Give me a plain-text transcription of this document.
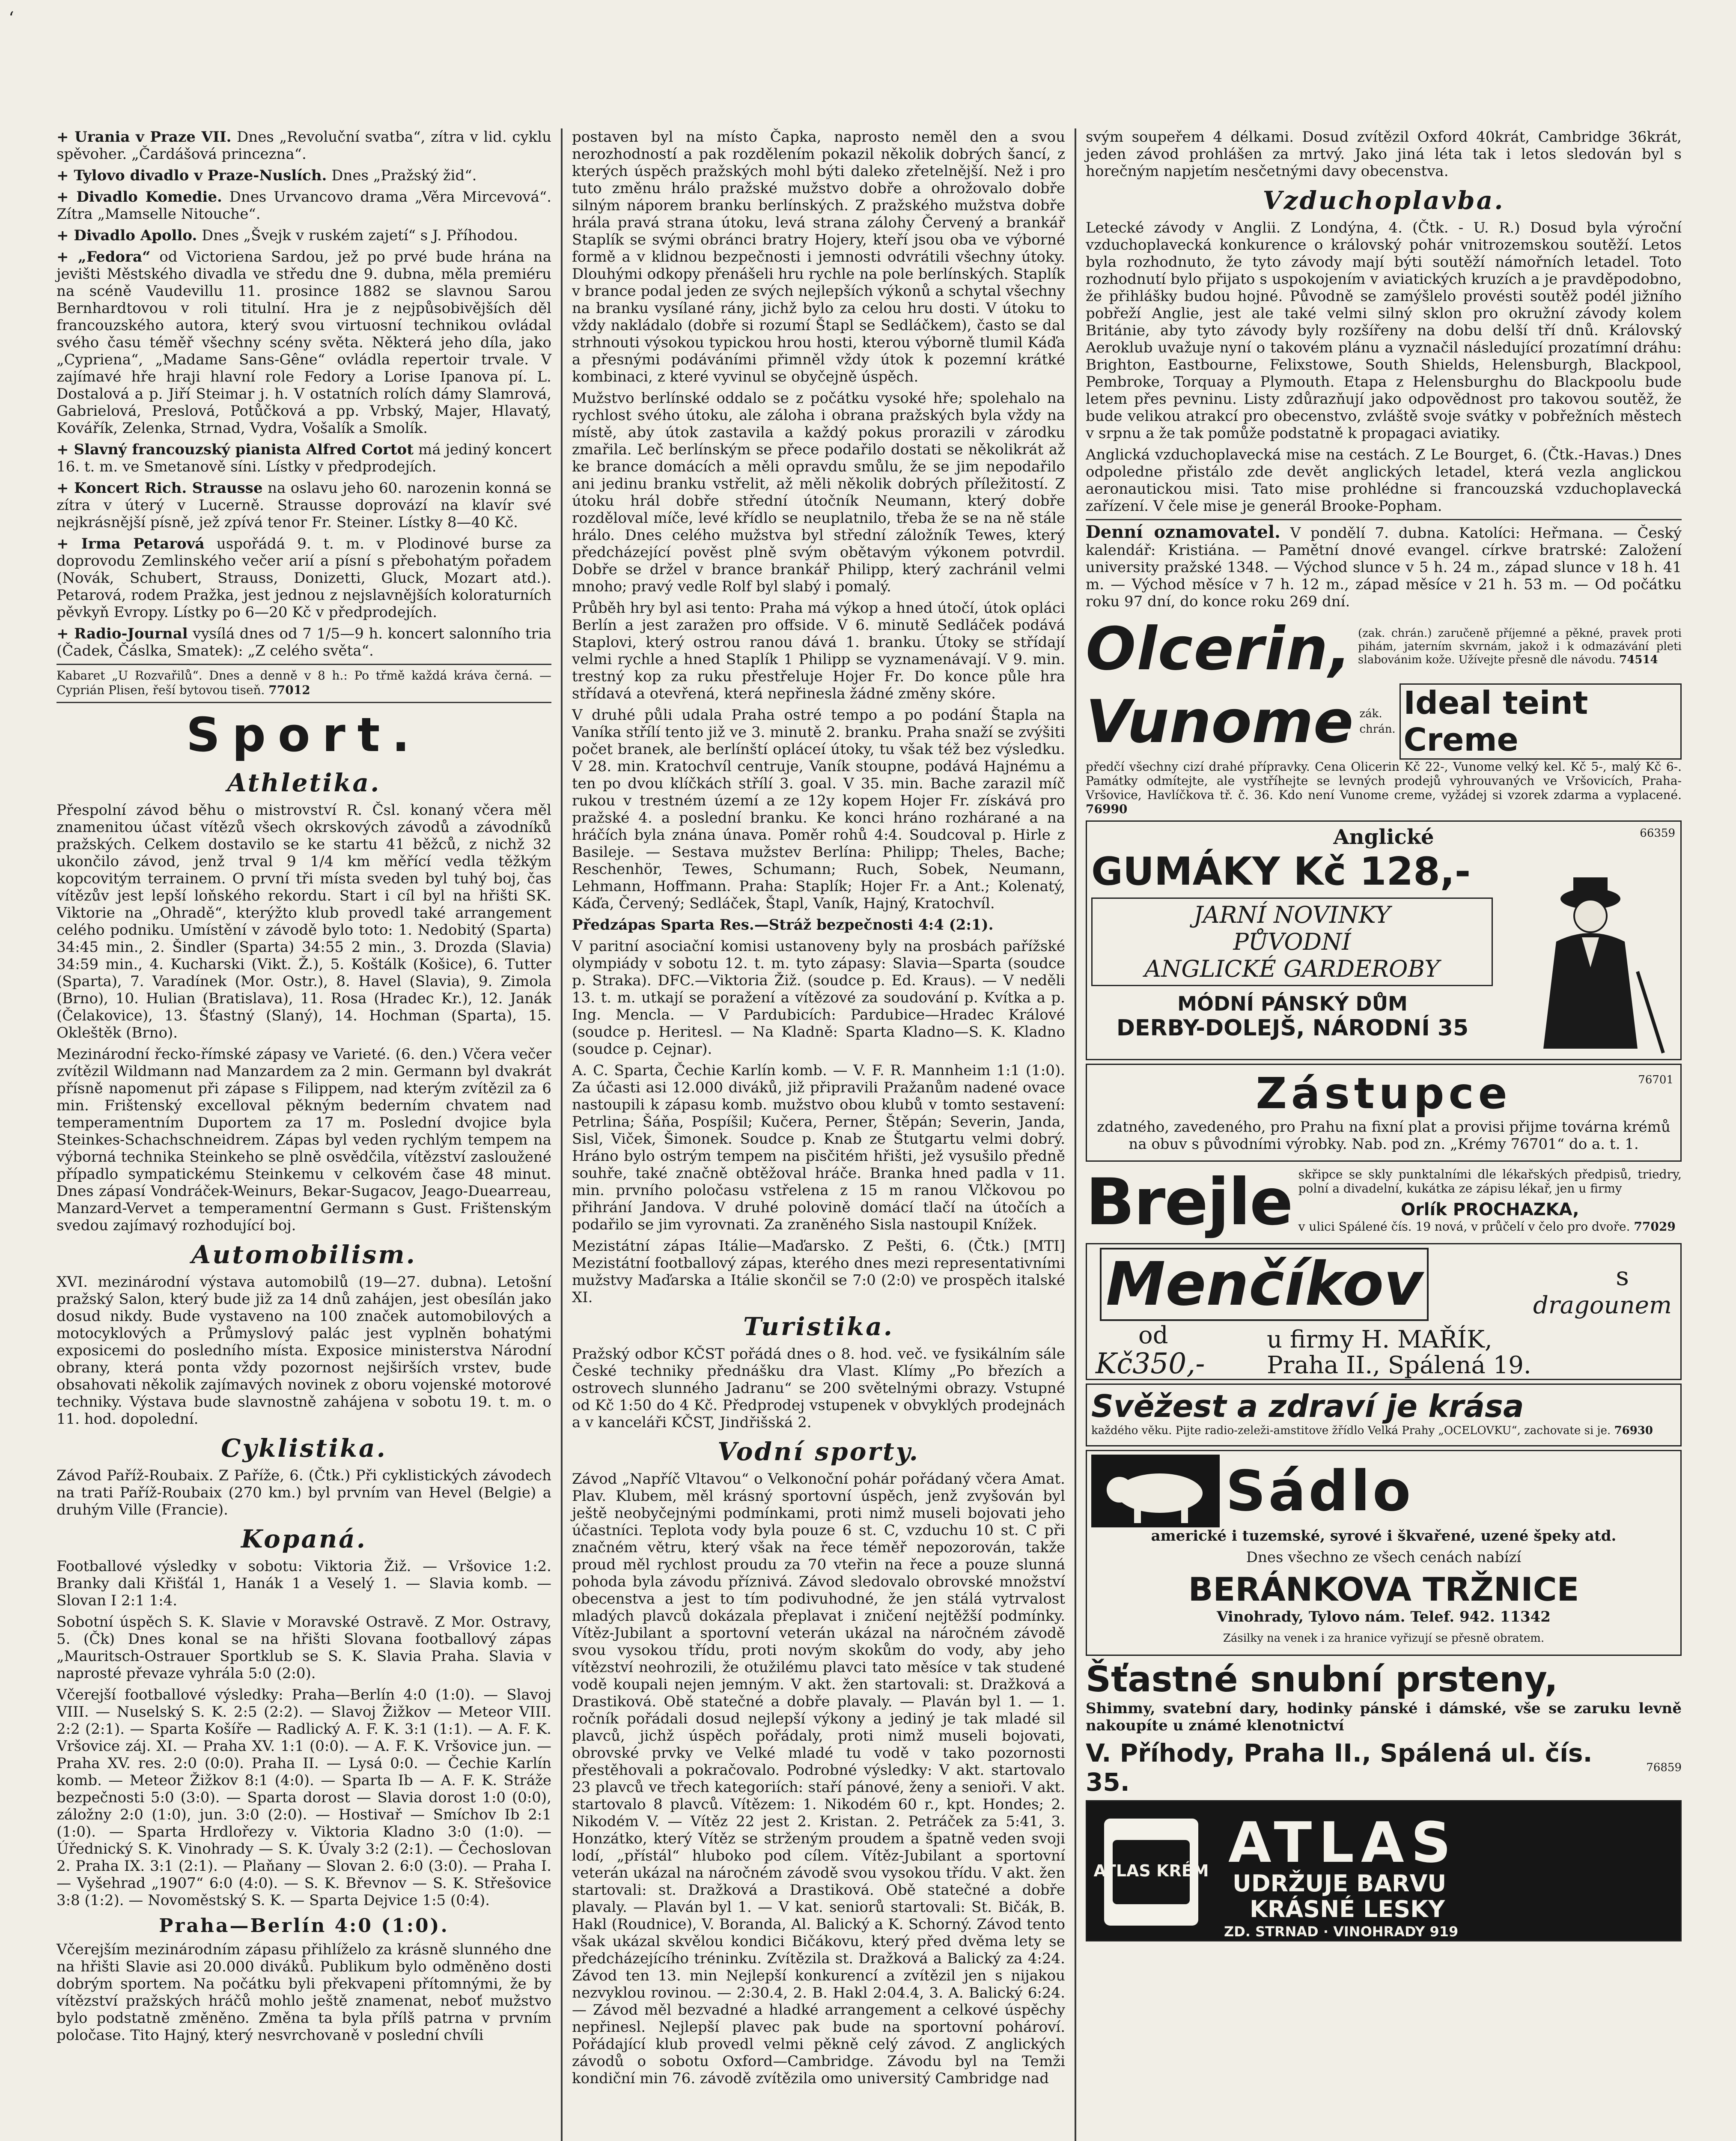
‘

+ Urania v Praze VII. Dnes „Revoluční svatba“, zítra v lid. cyklu spěvoher. „Čardášová princezna“.

+ Tylovo divadlo v Praze-Nuslích. Dnes „Pražský žid“.

+ Divadlo Komedie. Dnes Urvancovo drama „Věra Mircevová“. Zítra „Mamselle Nitouche“.

+ Divadlo Apollo. Dnes „Švejk v ruském zajetí“ s J. Příhodou.

+ „Fedora“ od Victoriena Sardou, jež po prvé bude hrána na jevišti Městského divadla ve středu dne 9. dubna, měla premiéru na scéně Vaudevillu 11. prosince 1882 se slavnou Sarou Bernhardtovou v roli titulní. Hra je z nejpůsobivějších děl francouzského autora, který svou virtuosní technikou ovládal svého času téměř všechny scény světa. Některá jeho díla, jako „Cypriena“, „Madame Sans-Gêne“ ovládla repertoir trvale. V zajímavé hře hraji hlavní role Fedory a Lorise Ipanova pí. L. Dostalová a p. Jiří Steimar j. h. V ostatních rolích dámy Slamrová, Gabrielová, Preslová, Potůčková a pp. Vrbský, Majer, Hlavatý, Kovářík, Zelenka, Strnad, Vydra, Vošalík a Smolík.

+ Slavný francouzský pianista Alfred Cortot má jediný koncert 16. t. m. ve Smetanově síni. Lístky v předprodejích.

+ Koncert Rich. Strausse na oslavu jeho 60. narozenin konná se zítra v úterý v Lucerně. Strausse doprovází na klavír své nejkrásnější písně, jež zpívá tenor Fr. Steiner. Lístky 8—40 Kč.

+ Irma Petarová uspořádá 9. t. m. v Plodinové burse za doprovodu Zemlinského večer arií a písní s přebohatým pořadem (Novák, Schubert, Strauss, Donizetti, Gluck, Mozart atd.). Petarová, rodem Pražka, jest jednou z nejslavnějších koloraturních pěvkyň Evropy. Lístky po 6—20 Kč v předprodejích.

+ Radio-Journal vysílá dnes od 7 1/5—9 h. koncert salonního tria (Čadek, Čáslka, Smatek): „Z celého světa“.

Kabaret „U Rozvařilů“. Dnes a denně v 8 h.: Po třmě každá kráva černá. — Cyprián Plisen, řeší bytovou tiseň. 77012

Sport.
Athletika.

Přespolní závod běhu o mistrovství R. Čsl. konaný včera měl znamenitou účast vítězů všech okrskových závodů a závodníků pražských. Celkem dostavilo se ke startu 41 běžců, z nichž 32 ukončilo závod, jenž trval 9 1/4 km měřící vedla těžkým kopcovitým terrainem. O první tři místa sveden byl tuhý boj, čas vítězův jest lepší loňského rekordu. Start i cíl byl na hřišti SK. Viktorie na „Ohradě“, kterýžto klub provedl také arrangement celého podniku. Umístění v závodě bylo toto: 1. Nedobitý (Sparta) 34:45 min., 2. Šindler (Sparta) 34:55 2 min., 3. Drozda (Slavia) 34:59 min., 4. Kucharski (Vikt. Ž.), 5. Koštálk (Košice), 6. Tutter (Sparta), 7. Varadínek (Mor. Ostr.), 8. Havel (Slavia), 9. Zimola (Brno), 10. Hulian (Bratislava), 11. Rosa (Hradec Kr.), 12. Janák (Čelakovice), 13. Šťastný (Slaný), 14. Hochman (Sparta), 15. Okleštěk (Brno).

Mezinárodní řecko-římské zápasy ve Varieté. (6. den.) Včera večer zvítězil Wildmann nad Manzardem za 2 min. Germann byl dvakrát přísně napomenut při zápase s Filippem, nad kterým zvítězil za 6 min. Frištenský excelloval pěkným bederním chvatem nad temperamentním Duportem za 17 m. Poslední dvojice byla Steinkes-Schachschneidrem. Zápas byl veden rychlým tempem na výborná technika Steinkeho se plně osvědčila, vítězství zasloužené případlo sympatickému Steinkemu v celkovém čase 48 minut. Dnes zápasí Vondráček-Weinurs, Bekar-Sugacov, Jeago-Duearreau, Manzard-Vervet a temperamentní Germann s Gust. Frištenským svedou zajímavý rozhodující boj.

Automobilism.

XVI. mezinárodní výstava automobilů (19—27. dubna). Letošní pražský Salon, který bude již za 14 dnů zahájen, jest obesílán jako dosud nikdy. Bude vystaveno na 100 značek automobilových a motocyklových a Průmyslový palác jest vyplněn bohatými exposicemi do posledního místa. Exposice ministerstva Národní obrany, která ponta vždy pozornost nejširších vrstev, bude obsahovati několik zajímavých novinek z oboru vojenské motorové techniky. Výstava bude slavnostně zahájena v sobotu 19. t. m. o 11. hod. dopolední.

Cyklistika.

Závod Paříž-Roubaix. Z Paříže, 6. (Čtk.) Při cyklistických závodech na trati Paříž-Roubaix (270 km.) byl prvním van Hevel (Belgie) a druhým Ville (Francie).

Kopaná.

Footballové výsledky v sobotu: Viktoria Žiž. — Vršovice 1:2. Branky dali Křišťál 1, Hanák 1 a Veselý 1. — Slavia komb. — Slovan I 2:1 1:4.

Sobotní úspěch S. K. Slavie v Moravské Ostravě. Z Mor. Ostravy, 5. (Čk) Dnes konal se na hřišti Slovana footballový zápas „Mauritsch-Ostrauer Sportklub se S. K. Slavia Praha. Slavia v naprosté převaze vyhrála 5:0 (2:0).

Včerejší footballové výsledky: Praha—Berlín 4:0 (1:0). — Slavoj VIII. — Nuselský S. K. 2:5 (2:2). — Slavoj Žižkov — Meteor VIII. 2:2 (2:1). — Sparta Košíře — Radlický A. F. K. 3:1 (1:1). — A. F. K. Vršovice záj. XI. — Praha XV. 1:1 (0:0). — A. F. K. Vršovice jun. — Praha XV. res. 2:0 (0:0). Praha II. — Lysá 0:0. — Čechie Karlín komb. — Meteor Žižkov 8:1 (4:0). — Sparta Ib — A. F. K. Stráže bezpečnosti 5:0 (3:0). — Sparta dorost — Slavia dorost 1:0 (0:0), záložny 2:0 (1:0), jun. 3:0 (2:0). — Hostivař — Smíchov Ib 2:1 (1:0). — Sparta Hrdlořezy v. Viktoria Kladno 3:0 (1:0). — Úřednický S. K. Vinohrady — S. K. Úvaly 3:2 (2:1). — Čechoslovan 2. Praha IX. 3:1 (2:1). — Plaňany — Slovan 2. 6:0 (3:0). — Praha I. — Vyšehrad „1907“ 6:0 (4:0). — S. K. Břevnov — S. K. Střešovice 3:8 (1:2). — Novoměstský S. K. — Sparta Dejvice 1:5 (0:4).

Praha—Berlín 4:0 (1:0).

Včerejším mezinárodním zápasu přihlíželo za krásně slunného dne na hřišti Slavie asi 20.000 diváků. Publikum bylo odměněno dosti dobrým sportem. Na počátku byli překvapeni přítomnými, že by vítězství pražských hráčů mohlo ještě znamenat, neboť mužstvo bylo podstatně změněno. Změna ta byla přílš patrna v prvním poločase. Tito Hajný, který nesvrchovaně v poslední chvíli

postaven byl na místo Čapka, naprosto neměl den a svou nerozhodností a pak rozdělením pokazil několik dobrých šancí, z kterých úspěch pražských mohl býti daleko zřetelnější. Než i pro tuto změnu hrálo pražské mužstvo dobře a ohrožovalo dobře silným náporem branku berlínských. Z pražského mužstva dobře hrála pravá strana útoku, levá strana zálohy Červený a brankář Staplík se svými obránci bratry Hojery, kteří jsou oba ve výborné formě a v klidnou bezpečnosti i jemnosti odvrátili všechny útoky. Dlouhými odkopy přenášeli hru rychle na pole berlínských. Staplík v brance podal jeden ze svých nejlepších výkonů a schytal všechny na branku vysílané rány, jichž bylo za celou hru dosti. V útoku to vždy nakládalo (dobře si rozumí Štapl se Sedláčkem), často se dal strhnouti výsokou typickou hrou hosti, kterou výborně tlumil Káďa a přesnými podáváními přimněl vždy útok k pozemní krátké kombinaci, z které vyvinul se obyčejně úspěch.

Mužstvo berlínské oddalo se z počátku vysoké hře; spolehalo na rychlost svého útoku, ale záloha i obrana pražských byla vždy na místě, aby útok zastavila a každý pokus prorazili v zárodku zmařila. Leč berlínským se přece podařilo dostati se několikrát až ke brance domácích a měli opravdu smůlu, že se jim nepodařilo ani jedinu branku vstřelit, až měli několik dobrých příležitostí. Z útoku hrál dobře střední útočník Neumann, který dobře rozděloval míče, levé křídlo se neuplatnilo, třeba že se na ně stále hrálo. Dnes celého mužstva byl střední záložník Tewes, který předcházející pověst plně svým obětavým výkonem potvrdil. Dobře se držel v brance brankář Philipp, který zachránil velmi mnoho; pravý vedle Rolf byl slabý i pomalý.

Průběh hry byl asi tento: Praha má výkop a hned útočí, útok opláci Berlín a jest zaražen pro offside. V 6. minutě Sedláček podává Staplovi, který ostrou ranou dává 1. branku. Útoky se střídají velmi rychle a hned Staplík 1 Philipp se vyznamenávají. V 9. min. trestný kop za ruku přestřeluje Hojer Fr. Do konce půle hra střídavá a otevřená, která nepřinesla žádné změny skóre.

V druhé půli udala Praha ostré tempo a po podání Štapla na Vaníka střílí tento již ve 3. minutě 2. branku. Praha snaží se zvýšiti počet branek, ale berlínští opláceí útoky, tu však též bez výsledku. V 28. min. Kratochvíl centruje, Vaník stoupne, podává Hajnému a ten po dvou klíčkách střílí 3. goal. V 35. min. Bache zarazil míč rukou v trestném území a ze 12y kopem Hojer Fr. získává pro pražské 4. a poslední branku. Ke konci hráno rozhárané a na hráčích byla znána únava. Poměr rohů 4:4. Soudcoval p. Hirle z Basileje. — Sestava mužstev Berlína: Philipp; Theles, Bache; Reschenhör, Tewes, Schumann; Ruch, Sobek, Neumann, Lehmann, Hoffmann. Praha: Staplík; Hojer Fr. a Ant.; Kolenatý, Káďa, Červený; Sedláček, Štapl, Vaník, Hajný, Kratochvíl.

Předzápas Sparta Res.—Stráž bezpečnosti 4:4 (2:1).

V paritní asociační komisi ustanoveny byly na prosbách pařížské olympiády v sobotu 12. t. m. tyto zápasy: Slavia—Sparta (soudce p. Straka). DFC.—Viktoria Žiž. (soudce p. Ed. Kraus). — V neděli 13. t. m. utkají se poražení a vítězové za soudování p. Kvítka a p. Ing. Mencla. — V Pardubicích: Pardubice—Hradec Králové (soudce p. Heritesl. — Na Kladně: Sparta Kladno—S. K. Kladno (soudce p. Cejnar).

A. C. Sparta, Čechie Karlín komb. — V. F. R. Mannheim 1:1 (1:0). Za účasti asi 12.000 diváků, již připravili Pražanům nadené ovace nastoupili k zápasu komb. mužstvo obou klubů v tomto sestavení: Petrlina; Šáňa, Pospíšil; Kučera, Perner, Štěpán; Severin, Janda, Sisl, Viček, Šimonek. Soudce p. Knab ze Štutgartu velmi dobrý. Hráno bylo ostrým tempem na pisčitém hřišti, jež vysušilo předně souhře, také značně obtěžoval hráče. Branka hned padla v 11. min. prvního poločasu vstřelena z 15 m ranou Vlčkovou po přihrání Jandova. V druhé polovině domácí tlačí na útočích a podařilo se jim vyrovnati. Za zraněného Sisla nastoupil Knížek.

Mezistátní zápas Itálie—Maďarsko. Z Pešti, 6. (Čtk.) [MTI] Mezistátní footballový zápas, kterého dnes mezi representativními mužstvy Maďarska a Itálie skončil se 7:0 (2:0) ve prospěch italské XI.

Turistika.

Pražský odbor KČST pořádá dnes o 8. hod. več. ve fysikálním sále České techniky přednášku dra Vlast. Klímy „Po březích a ostrovech slunného Jadranu“ se 200 světelnými obrazy. Vstupné od Kč 1:50 do 4 Kč. Předprodej vstupenek v obvyklých prodejnách a v kanceláři KČST, Jindřišská 2.

Vodní sporty.

Závod „Napříč Vltavou“ o Velkonoční pohár pořádaný včera Amat. Plav. Klubem, měl krásný sportovní úspěch, jenž zvyšován byl ještě neobyčejnými podmínkami, proti nimž museli bojovati jeho účastníci. Teplota vody byla pouze 6 st. C, vzduchu 10 st. C při značném větru, který však na řece téměř nepozorován, takže proud měl rychlost proudu za 70 vteřin na řece a pouze slunná pohoda byla závodu příznivá. Závod sledovalo obrovské množství obecenstva a jest to tím podivuhodné, že jen stálá vytrvalost mladých plavců dokázala přeplavat i zničení nejtěžší podmínky. Vítěz-Jubilant a sportovní veterán ukázal na náročném závodě svou vysokou třídu, proti novým skokům do vody, aby jeho vítězství neohrozili, že otužilému plavci tato měsíce v tak studené vodě koupali nejen jemným. V akt. žen startovali: st. Dražková a Drastiková. Obě statečné a dobře plavaly. — Plaván byl 1. — 1. ročník pořádali dosud nejlepší výkony a jediný je tak mladé sil plavců, jichž úspěch pořádaly, proti nimž museli bojovati, obrovské prvky ve Velké mladé tu vodě v tako pozornosti přestěhovali a pokračovalo. Podrobné výsledky: V akt. startovalo 23 plavců ve třech kategoriích: staří pánové, ženy a senioři. V akt. startovalo 8 plavců. Vítězem: 1. Nikodém 60 r., kpt. Hondes; 2. Nikodém V. — Vítěz 22 jest 2. Kristan. 2. Petráček za 5:41, 3. Honzátko, který Vítěz se strženým proudem a špatně veden svoji lodí, „přístál“ hluboko pod cílem. Vítěz-Jubilant a sportovní veterán ukázal na náročném závodě svou vysokou třídu. V akt. žen startovali: st. Dražková a Drastiková. Obě statečné a dobře plavaly. — Plaván byl 1. — V kat. seniorů startovali: St. Bičák, B. Hakl (Roudnice), V. Boranda, Al. Balický a K. Schorný. Závod tento však ukázal skvělou kondici Bičákovu, který před dvěma lety se předcházejícího tréninku. Zvítězila st. Dražková a Balický za 4:24. Závod ten 13. min Nejlepší konkurencí a zvítězil jen s nijakou nezvyklou rovinou. — 2:30.4, 2. B. Hakl 2:04.4, 3. A. Balický 6:24. — Závod měl bezvadné a hladké arrangement a celkové úspěchy nepřinesl. Nejlepší plavec pak bude na sportovní pohároví. Pořádající klub provedl velmi pěkně celý závod. Z anglických závodů o sobotu Oxford—Cambridge. Závodu byl na Temži kondiční min 76. závodě zvítězila omo universitý Cambridge nad

svým soupeřem 4 délkami. Dosud zvítězil Oxford 40krát, Cambridge 36krát, jeden závod prohlášen za mrtvý. Jako jiná léta tak i letos sledován byl s horečným napjetím nesčetnými davy obecenstva.

Vzduchoplavba.

Letecké závody v Anglii. Z Londýna, 4. (Čtk. - U. R.) Dosud byla výroční vzduchoplavecká konkurence o královský pohár vnitrozemskou soutěží. Letos byla rozhodnuto, že tyto závody mají býti soutěží námořních letadel. Toto rozhodnutí bylo přijato s uspokojením v aviatických kruzích a je pravděpodobno, že přihlášky budou hojné. Původně se zamýšlelo provésti soutěž podél jižního pobřeží Anglie, jest ale také velmi silný sklon pro okružní závody kolem Británie, aby tyto závody byly rozšířeny na dobu delší tří dnů. Královský Aeroklub uvažuje nyní o takovém plánu a vyznačil následující prozatímní dráhu: Brighton, Eastbourne, Felixstowe, South Shields, Helensburgh, Blackpool, Pembroke, Torquay a Plymouth. Etapa z Helensburghu do Blackpoolu bude letem přes pevninu. Listy zdůrazňují jako odpovědnost pro takovou soutěž, že bude velikou atrakcí pro obecenstvo, zvláště svoje svátky v pobřežních městech v srpnu a že tak pomůže podstatně k propagaci aviatiky.

Anglická vzduchoplavecká mise na cestách. Z Le Bourget, 6. (Čtk.-Havas.) Dnes odpoledne přistálo zde devět anglických letadel, která vezla anglickou aeronautickou misi. Tato mise prohlédne si francouzská vzduchoplavecká zařízení. V čele mise je generál Brooke-Popham.

Denní oznamovatel. V pondělí 7. dubna. Katolíci: Heřmana. — Český kalendář: Kristiána. — Pamětní dnové evangel. církve bratrské: Založení university pražské 1348. — Východ slunce v 5 h. 24 m., západ slunce v 18 h. 41 m. — Východ měsíce v 7 h. 12 m., západ měsíce v 21 h. 53 m. — Od počátku roku 97 dní, do konce roku 269 dní.

Olcerin, (zak. chrán.) zaručeně příjemné a pěkné, pravek proti pihám, jaterním skvrnám, jakož i k odmazávání pleti slabovánim kože. Užívejte přesně dle návodu. 74514

Vunome zák. chrán.
Ideal teint Creme

předčí všechny cizí drahé přípravky. Cena Olicerin Kč 22-, Vunome velký kel. Kč 5-, malý Kč 6-. Památky odmítejte, ale vystříhejte se levných prodejů vyhrouvaných ve Vršovicích, Praha-Vršovice, Havlíčkova tř. č. 36. Kdo není Vunome creme, vyžádej si vzorek zdarma a vyplacené. 76990

Anglické	66359
GUMÁKY Kč 128,-
JARNÍ NOVINKY
PŮVODNÍ
ANGLICKÉ GARDEROBY
MÓDNÍ PÁNSKÝ DŮM
DERBY-DOLEJŠ, NÁRODNÍ 35
Zástupce	76701

zdatného, zavedeného, pro Prahu na fixní plat a provisi přijme továrna krémů na obuv s původními výrobky. Nab. pod zn. „Krémy 76701“ do a. t. 1.

Brejle skřipce se skly punktalními dle lékařských předpisů, triedry, polní a divadelní, kukátka ze zápisu lékař, jen u firmy

Orlík PROCHAZKA,

v ulici Spálené čís. 19 nová, v průčelí v čelo pro dvoře. 77029

Menčíkov	s
dragounem
od
Kč350,-
u firmy H. MAŘÍK,
Praha II., Spálená 19.
Svěžest a zdraví je krása

každého věku. Pijte radio-zeleži-amstitove žřídlo Velká Prahy „OCELOVKU“, zachovate si je. 76930

Sádlo

americké i tuzemské, syrové i škvařené, uzené špeky atd.

Dnes všechno ze všech cenách nabízí

BERÁNKOVA TRŽNICE

Vinohrady, Tylovo nám. Telef. 942. 11342

Zásilky na venek i za hranice vyřizují se přesně obratem.

Šťastné snubní prsteny,

Shimmy, svatební dary, hodinky pánské i dámské, vše se zaruku levně nakoupíte u známé klenotnictví

V. Příhody, Praha II., Spálená ul. čís. 35.	76859
ATLAS KRÉM ATLAS
UDRŽUJE BARVU
KRÁSNÉ LESKY
ZD. STRNAD · VINOHRADY 919
